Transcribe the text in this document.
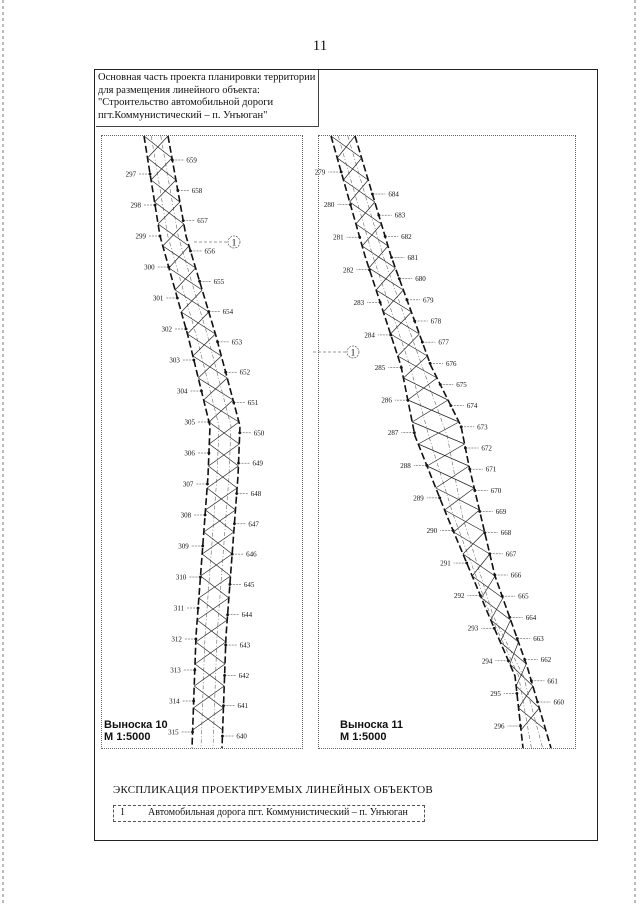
11
Основная часть проекта планировки территории
для размещения линейного объекта:
"Строительство автомобильной дороги
пгт.Коммунистический – п. Унъюган"
297
298
299
300
301
302
303
304
305
306
307
308
309
310
311
312
313
314
315
659
658
657
656
655
654
653
652
651
650
649
648
647
646
645
644
643
642
641
640
1
Выноска 10
М 1:5000
279
280
281
282
283
284
285
286
287
288
289
290
291
292
293
294
295
296
684
683
682
681
680
679
678
677
676
675
674
673
672
671
670
669
668
667
666
665
664
663
662
661
660
1
Выноска 11
М 1:5000
ЭКСПЛИКАЦИЯ ПРОЕКТИРУЕМЫХ ЛИНЕЙНЫХ ОБЪЕКТОВ
1 Автомобильная дорога пгт. Коммунистический – п. Унъюган
